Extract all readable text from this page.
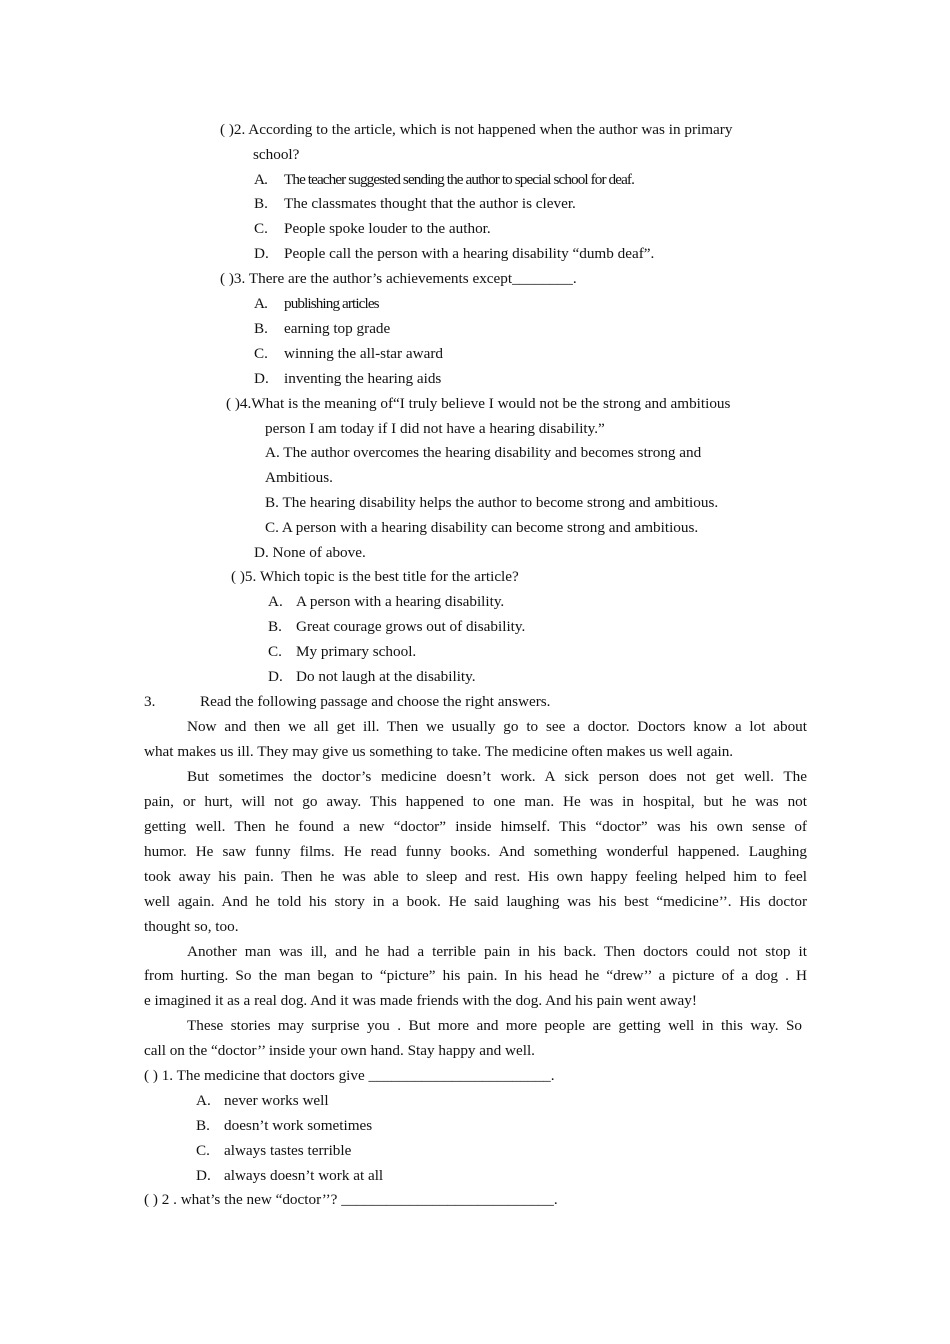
( )2. According to the article, which is not happened when the author was in primary
school?
A. The teacher suggested sending the author to special school for deaf.
B. The classmates thought that the author is clever.
C. People spoke louder to the author.
D. People call the person with a hearing disability “dumb deaf”.
( )3. There are the author’s achievements except________.
A. publishing articles
B. earning top grade
C. winning the all-star award
D. inventing the hearing aids
( )4.What is the meaning of“I truly believe I would not be the strong and ambitious
person I am today if I did not have a hearing disability.”
A. The author overcomes the hearing disability and becomes strong and
Ambitious.
B. The hearing disability helps the author to become strong and ambitious.
C. A person with a hearing disability can become strong and ambitious.
D. None of above.
( )5. Which topic is the best title for the article?
A. A person with a hearing disability.
B. Great courage grows out of disability.
C. My primary school.
D. Do not laugh at the disability.
3.	Read the following passage and choose the right answers.
Now and then we all get ill. Then we usually go to see a doctor. Doctors know a lot about
what makes us ill. They may give us something to take. The medicine often makes us well again.
But sometimes the doctor’s medicine doesn’t work. A sick person does not get well. The
pain, or hurt, will not go away. This happened to one man. He was in hospital, but he was not
getting well. Then he found a new “doctor” inside himself. This “doctor” was his own sense of
humor. He saw funny films. He read funny books. And something wonderful happened. Laughing
took away his pain. Then he was able to sleep and rest. His own happy feeling helped him to feel
well again. And he told his story in a book. He said laughing was his best “medicine’’. His doctor
thought so, too.
Another man was ill, and he had a terrible pain in his back. Then doctors could not stop it
from hurting. So the man began to “picture” his pain. In his head he “drew’’ a picture of a dog . H
e imagined it as a real dog. And it was made friends with the dog. And his pain went away!
These stories may surprise you . But more and more people are getting well in this way. So
call on the “doctor’’ inside your own hand. Stay happy and well.
( ) 1. The medicine that doctors give ________________________.
A. never works well
B. doesn’t work sometimes
C. always tastes terrible
D. always doesn’t work at all
( ) 2 . what’s the new “doctor’’? ____________________________.
